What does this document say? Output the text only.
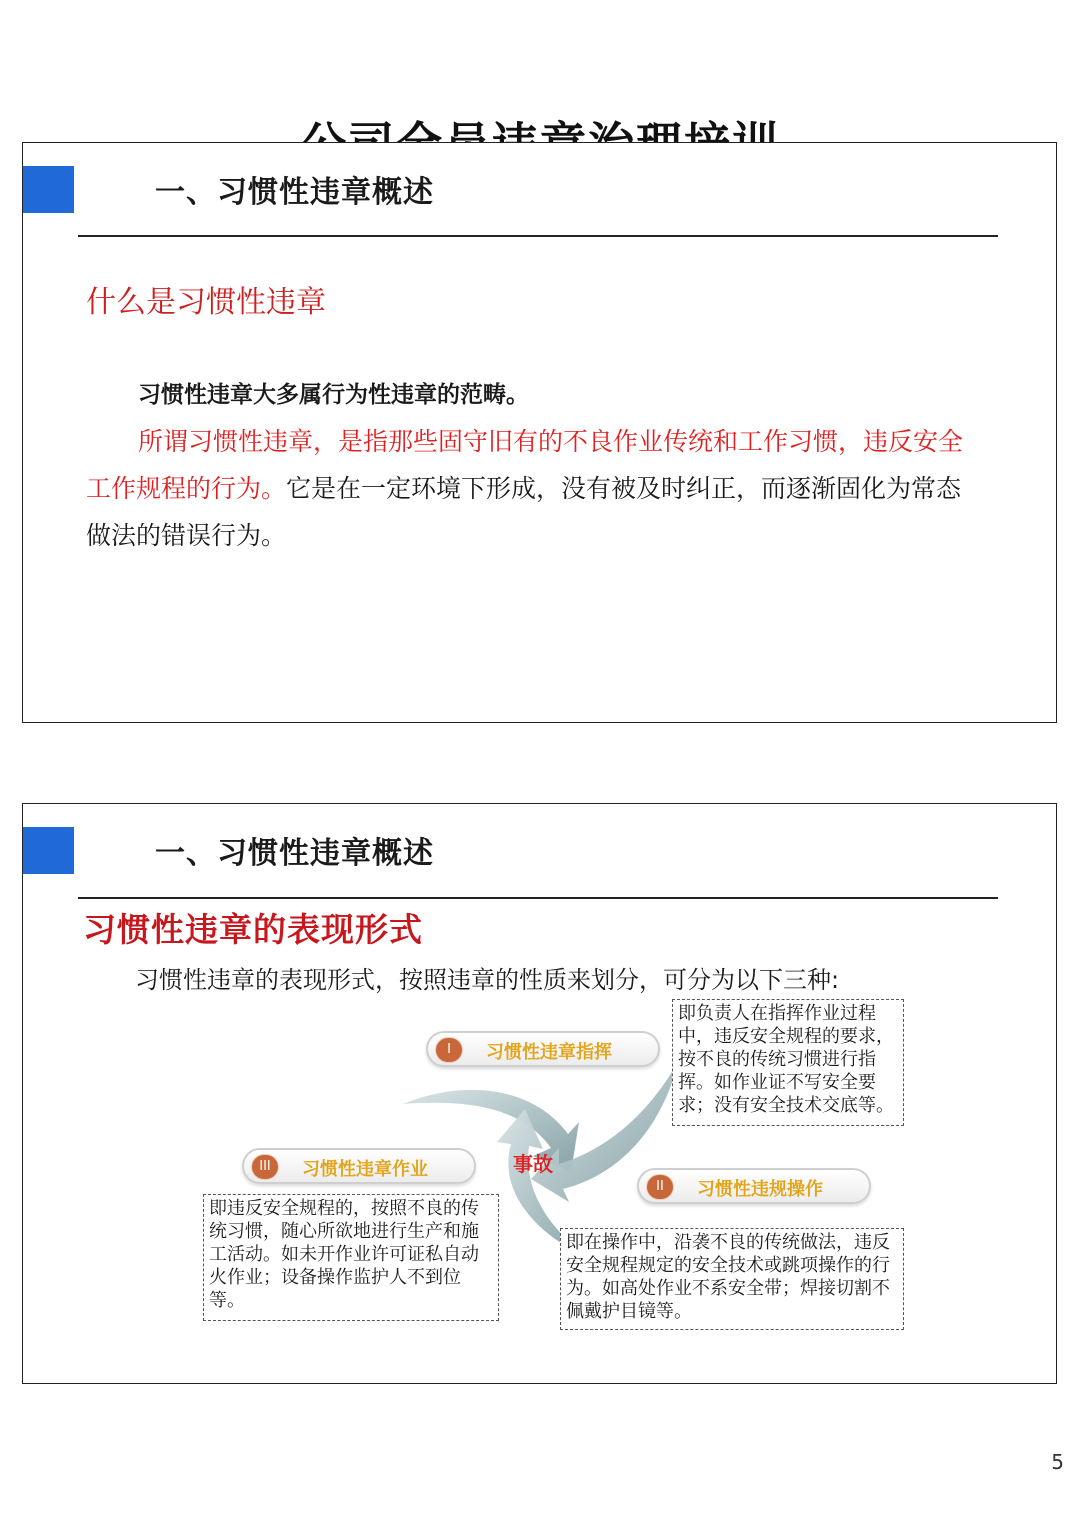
一、习惯性违章概述
什么是习惯性违章
习惯性违章大多属行为性违章的范畴。
所谓习惯性违章，是指那些固守旧有的不良作业传统和工作习惯，违反安全工作规程的行为。它是在一定环境下形成，没有被及时纠正，而逐渐固化为常态做法的错误行为。
一、习惯性违章概述
习惯性违章的表现形式
习惯性违章的表现形式，按照违章的性质来划分，可分为以下三种:
事故
I	习惯性违章指挥
即负责人在指挥作业过程中，违反安全规程的要求，按不良的传统习惯进行指挥。如作业证不写安全要求；没有安全技术交底等。
II	习惯性违规操作
即在操作中，沿袭不良的传统做法，违反安全规程规定的安全技术或跳项操作的行为。如高处作业不系安全带；焊接切割不佩戴护目镜等。
III	习惯性违章作业
即违反安全规程的，按照不良的传统习惯，随心所欲地进行生产和施工活动。如未开作业许可证私自动火作业；设备操作监护人不到位等。
5
